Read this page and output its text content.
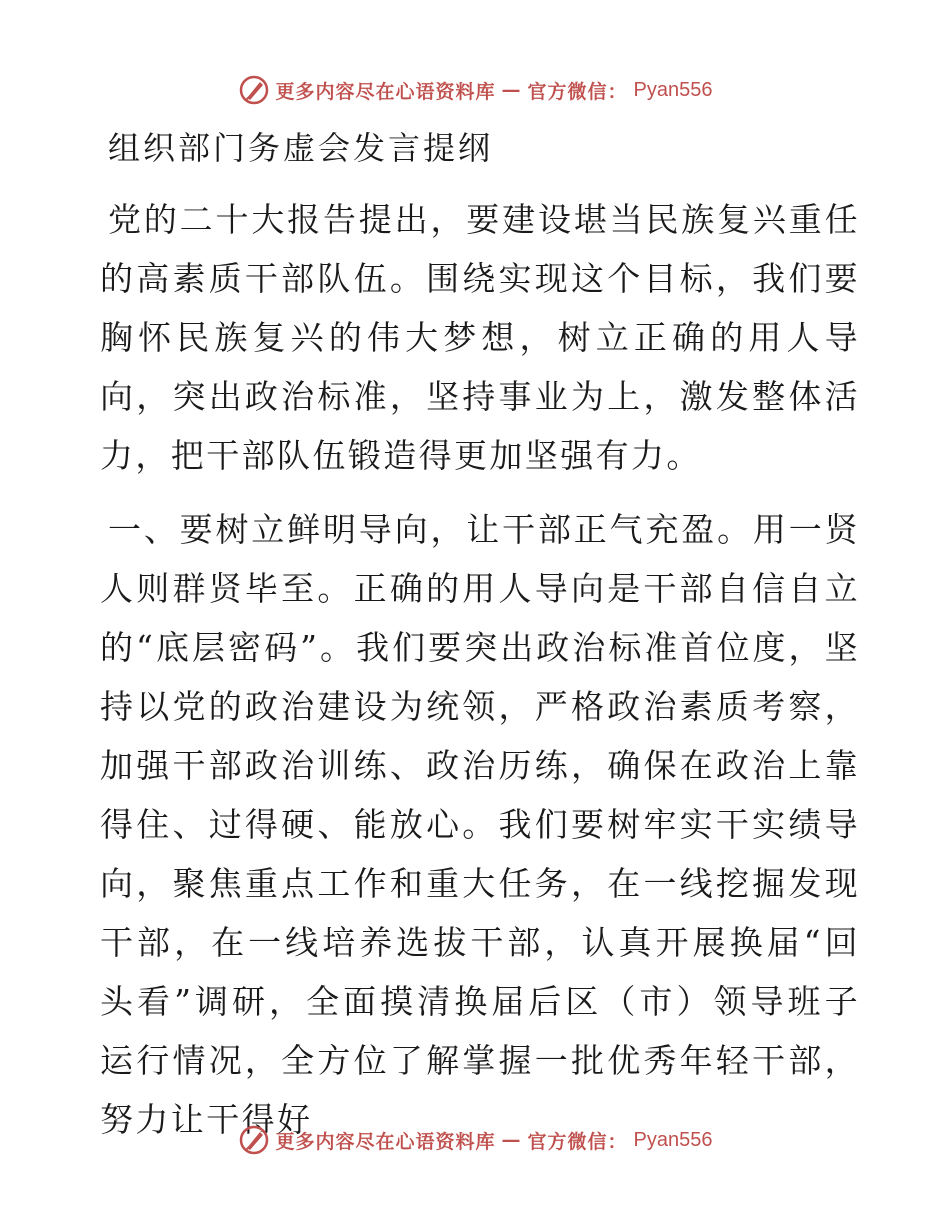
更多内容尽在心语资料库 — 官方微信： Pyan556
组织部门务虚会发言提纲

党的二十大报告提出，要建设堪当民族复兴重任的高素质干部队伍。围绕实现这个目标，我们要胸怀民族复兴的伟大梦想，树立正确的用人导向，突出政治标准，坚持事业为上，激发整体活力，把干部队伍锻造得更加坚强有力。

一、要树立鲜明导向，让干部正气充盈。用一贤人则群贤毕至。正确的用人导向是干部自信自立的“底层密码”。我们要突出政治标准首位度，坚持以党的政治建设为统领，严格政治素质考察，加强干部政治训练、政治历练，确保在政治上靠得住、过得硬、能放心。我们要树牢实干实绩导向，聚焦重点工作和重大任务，在一线挖掘发现干部，在一线培养选拔干部，认真开展换届“回头看”调研，全面摸清换届后区（市）领导班子运行情况，全方位了解掌握一批优秀年轻干部，努力让干得好

更多内容尽在心语资料库 — 官方微信： Pyan556
